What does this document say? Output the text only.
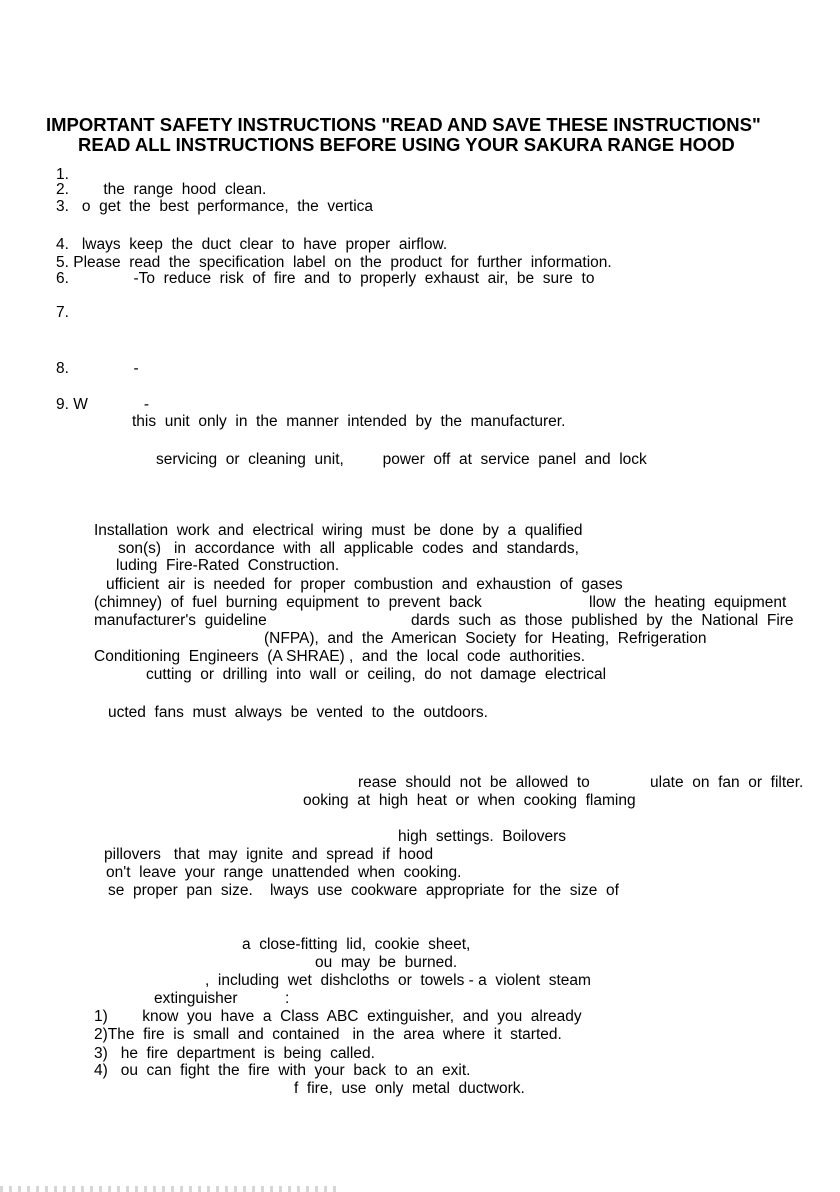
IMPORTANT SAFETY INSTRUCTIONS "READ AND SAVE THESE INSTRUCTIONS"
READ ALL INSTRUCTIONS BEFORE USING YOUR SAKURA RANGE HOOD
1.
2.        the  range  hood  clean.
3.   o  get  the  best  performance,  the  vertica
4.   lways  keep  the  duct  clear  to  have  proper  airflow.
5. Please  read  the  specification  label  on  the  product  for  further  information.
6.               -To  reduce  risk  of  fire  and  to  properly  exhaust  air,  be  sure  to
7.
8.               -
9. W             -
this  unit  only  in  the  manner  intended  by  the  manufacturer.
servicing  or  cleaning  unit,         power  off  at  service  panel  and  lock
Installation  work  and  electrical  wiring  must  be  done  by  a  qualified
son(s)   in  accordance  with  all  applicable  codes  and  standards,
luding  Fire-Rated  Construction.
ufficient  air  is  needed  for  proper  combustion  and  exhaustion  of  gases
(chimney)  of  fuel  burning  equipment  to  prevent  back	llow  the  heating  equipment
manufacturer's  guideline	dards  such  as  those  published  by  the  National  Fire
(NFPA),  and  the  American  Society  for  Heating,  Refrigeration
Conditioning  Engineers  (A SHRAE) ,  and  the  local  code  authorities.
cutting  or  drilling  into  wall  or  ceiling,  do  not  damage  electrical
ucted  fans  must  always  be  vented  to  the  outdoors.
rease  should  not  be  allowed  to	ulate  on  fan  or  filter.
ooking  at  high  heat  or  when  cooking  flaming
high  settings.  Boilovers
pillovers   that  may  ignite  and  spread  if  hood
on't  leave  your  range  unattended  when  cooking.
se  proper  pan  size.    lways  use  cookware  appropriate  for  the  size  of
a  close-fitting  lid,  cookie  sheet,
ou  may  be  burned.
,  including  wet  dishcloths  or  towels - a  violent  steam
extinguisher           :
1)        know  you  have  a  Class  ABC  extinguisher,  and  you  already
2)The  fire  is  small  and  contained   in  the  area  where  it  started.
3)   he  fire  department  is  being  called.
4)   ou  can  fight  the  fire  with  your  back  to  an  exit.
f  fire,  use  only  metal  ductwork.
